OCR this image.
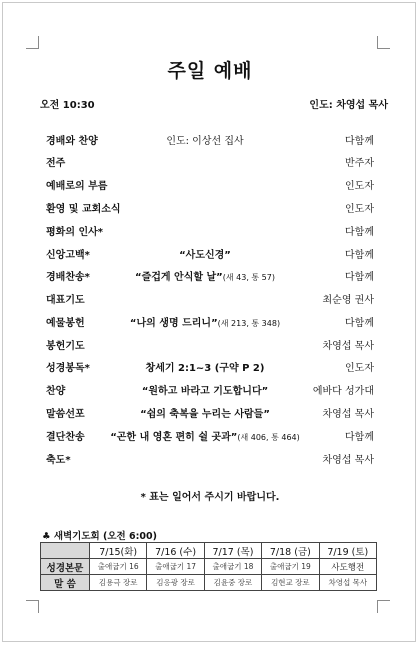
주일 예배
오전 10:30	인도: 차영섭 목사
경배와 찬양	인도: 이상선 집사	다함께
전주	반주자
예배로의 부름	인도자
환영 및 교회소식	인도자
평화의 인사*	다함께
신앙고백*	“사도신경”	다함께
경배찬송*	“즐겁게 안식할 날”(새 43, 통 57)	다함께
대표기도	최순영 권사
예물봉헌	“나의 생명 드리니”(새 213, 통 348)	다함께
봉헌기도	차영섭 목사
성경봉독*	창세기 2:1~3 (구약 P 2)	인도자
찬양	“원하고 바라고 기도합니다”	에바다 성가대
말씀선포	“쉼의 축복을 누리는 사람들”	차영섭 목사
결단찬송	“곤한 내 영혼 편히 쉴 곳과”(새 406, 통 464)	다함께
축도*	차영섭 목사
* 표는 일어서 주시기 바랍니다.
♣ 새벽기도회 (오전 6:00)
	7/15(화)	7/16 (수)	7/17 (목)	7/18 (금)	7/19 (토)
성경본문	출애굽기 16	출애굽기 17	출애굽기 18	출애굽기 19	사도행전
말 씀	김용극 장로	김응광 장로	김윤중 장로	김현교 장로	차영섭 목사
